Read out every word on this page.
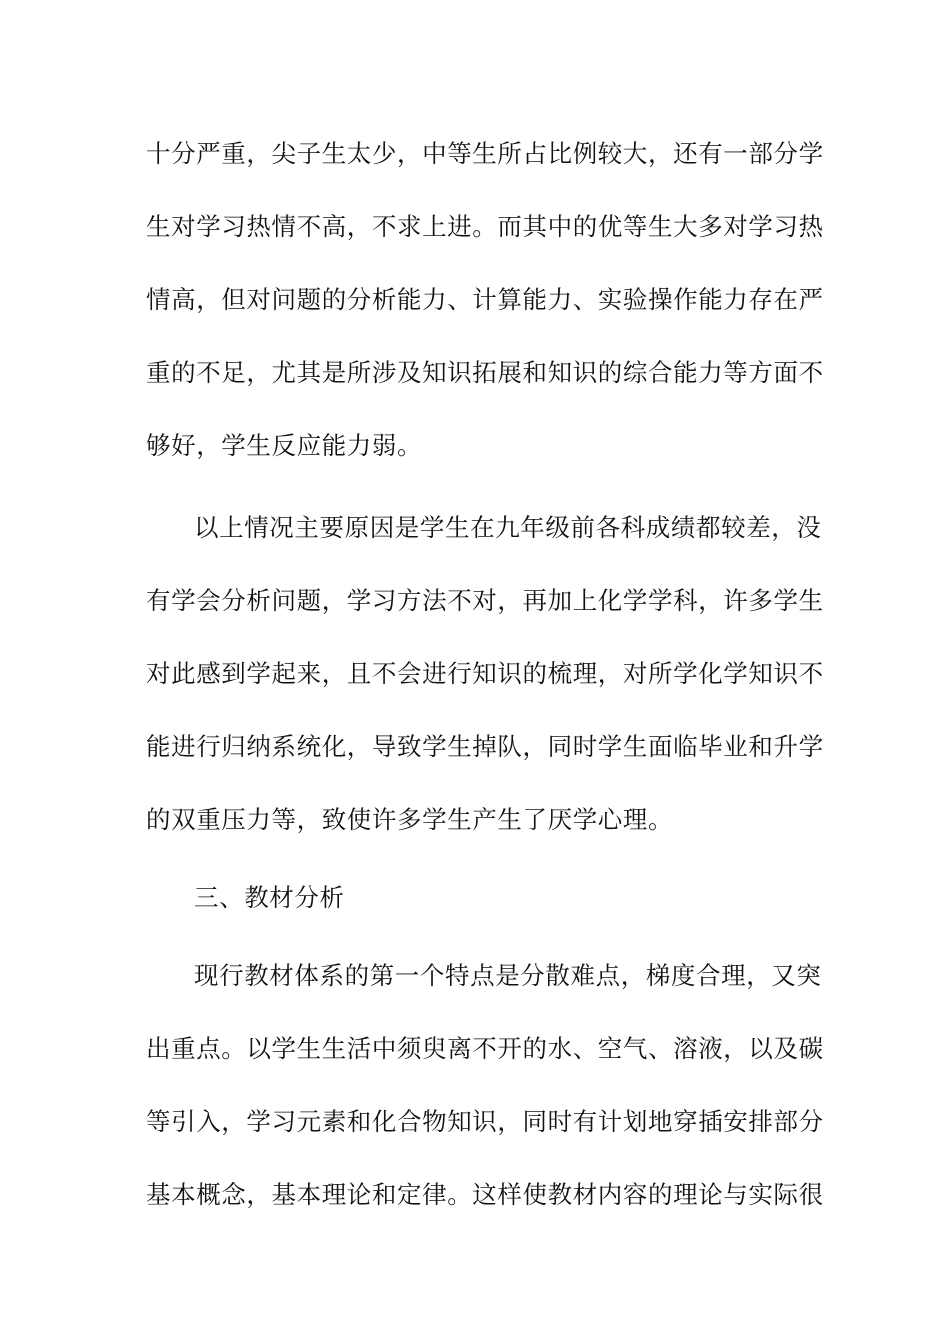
十分严重，尖子生太少，中等生所占比例较大，还有一部分学
生对学习热情不高，不求上进。而其中的优等生大多对学习热
情高，但对问题的分析能力、计算能力、实验操作能力存在严
重的不足，尤其是所涉及知识拓展和知识的综合能力等方面不
够好，学生反应能力弱。
以上情况主要原因是学生在九年级前各科成绩都较差，没
有学会分析问题，学习方法不对，再加上化学学科，许多学生
对此感到学起来，且不会进行知识的梳理，对所学化学知识不
能进行归纳系统化，导致学生掉队，同时学生面临毕业和升学
的双重压力等，致使许多学生产生了厌学心理。
三、教材分析
现行教材体系的第一个特点是分散难点，梯度合理，又突
出重点。以学生生活中须臾离不开的水、空气、溶液，以及碳
等引入，学习元素和化合物知识，同时有计划地穿插安排部分
基本概念，基本理论和定律。这样使教材内容的理论与实际很
